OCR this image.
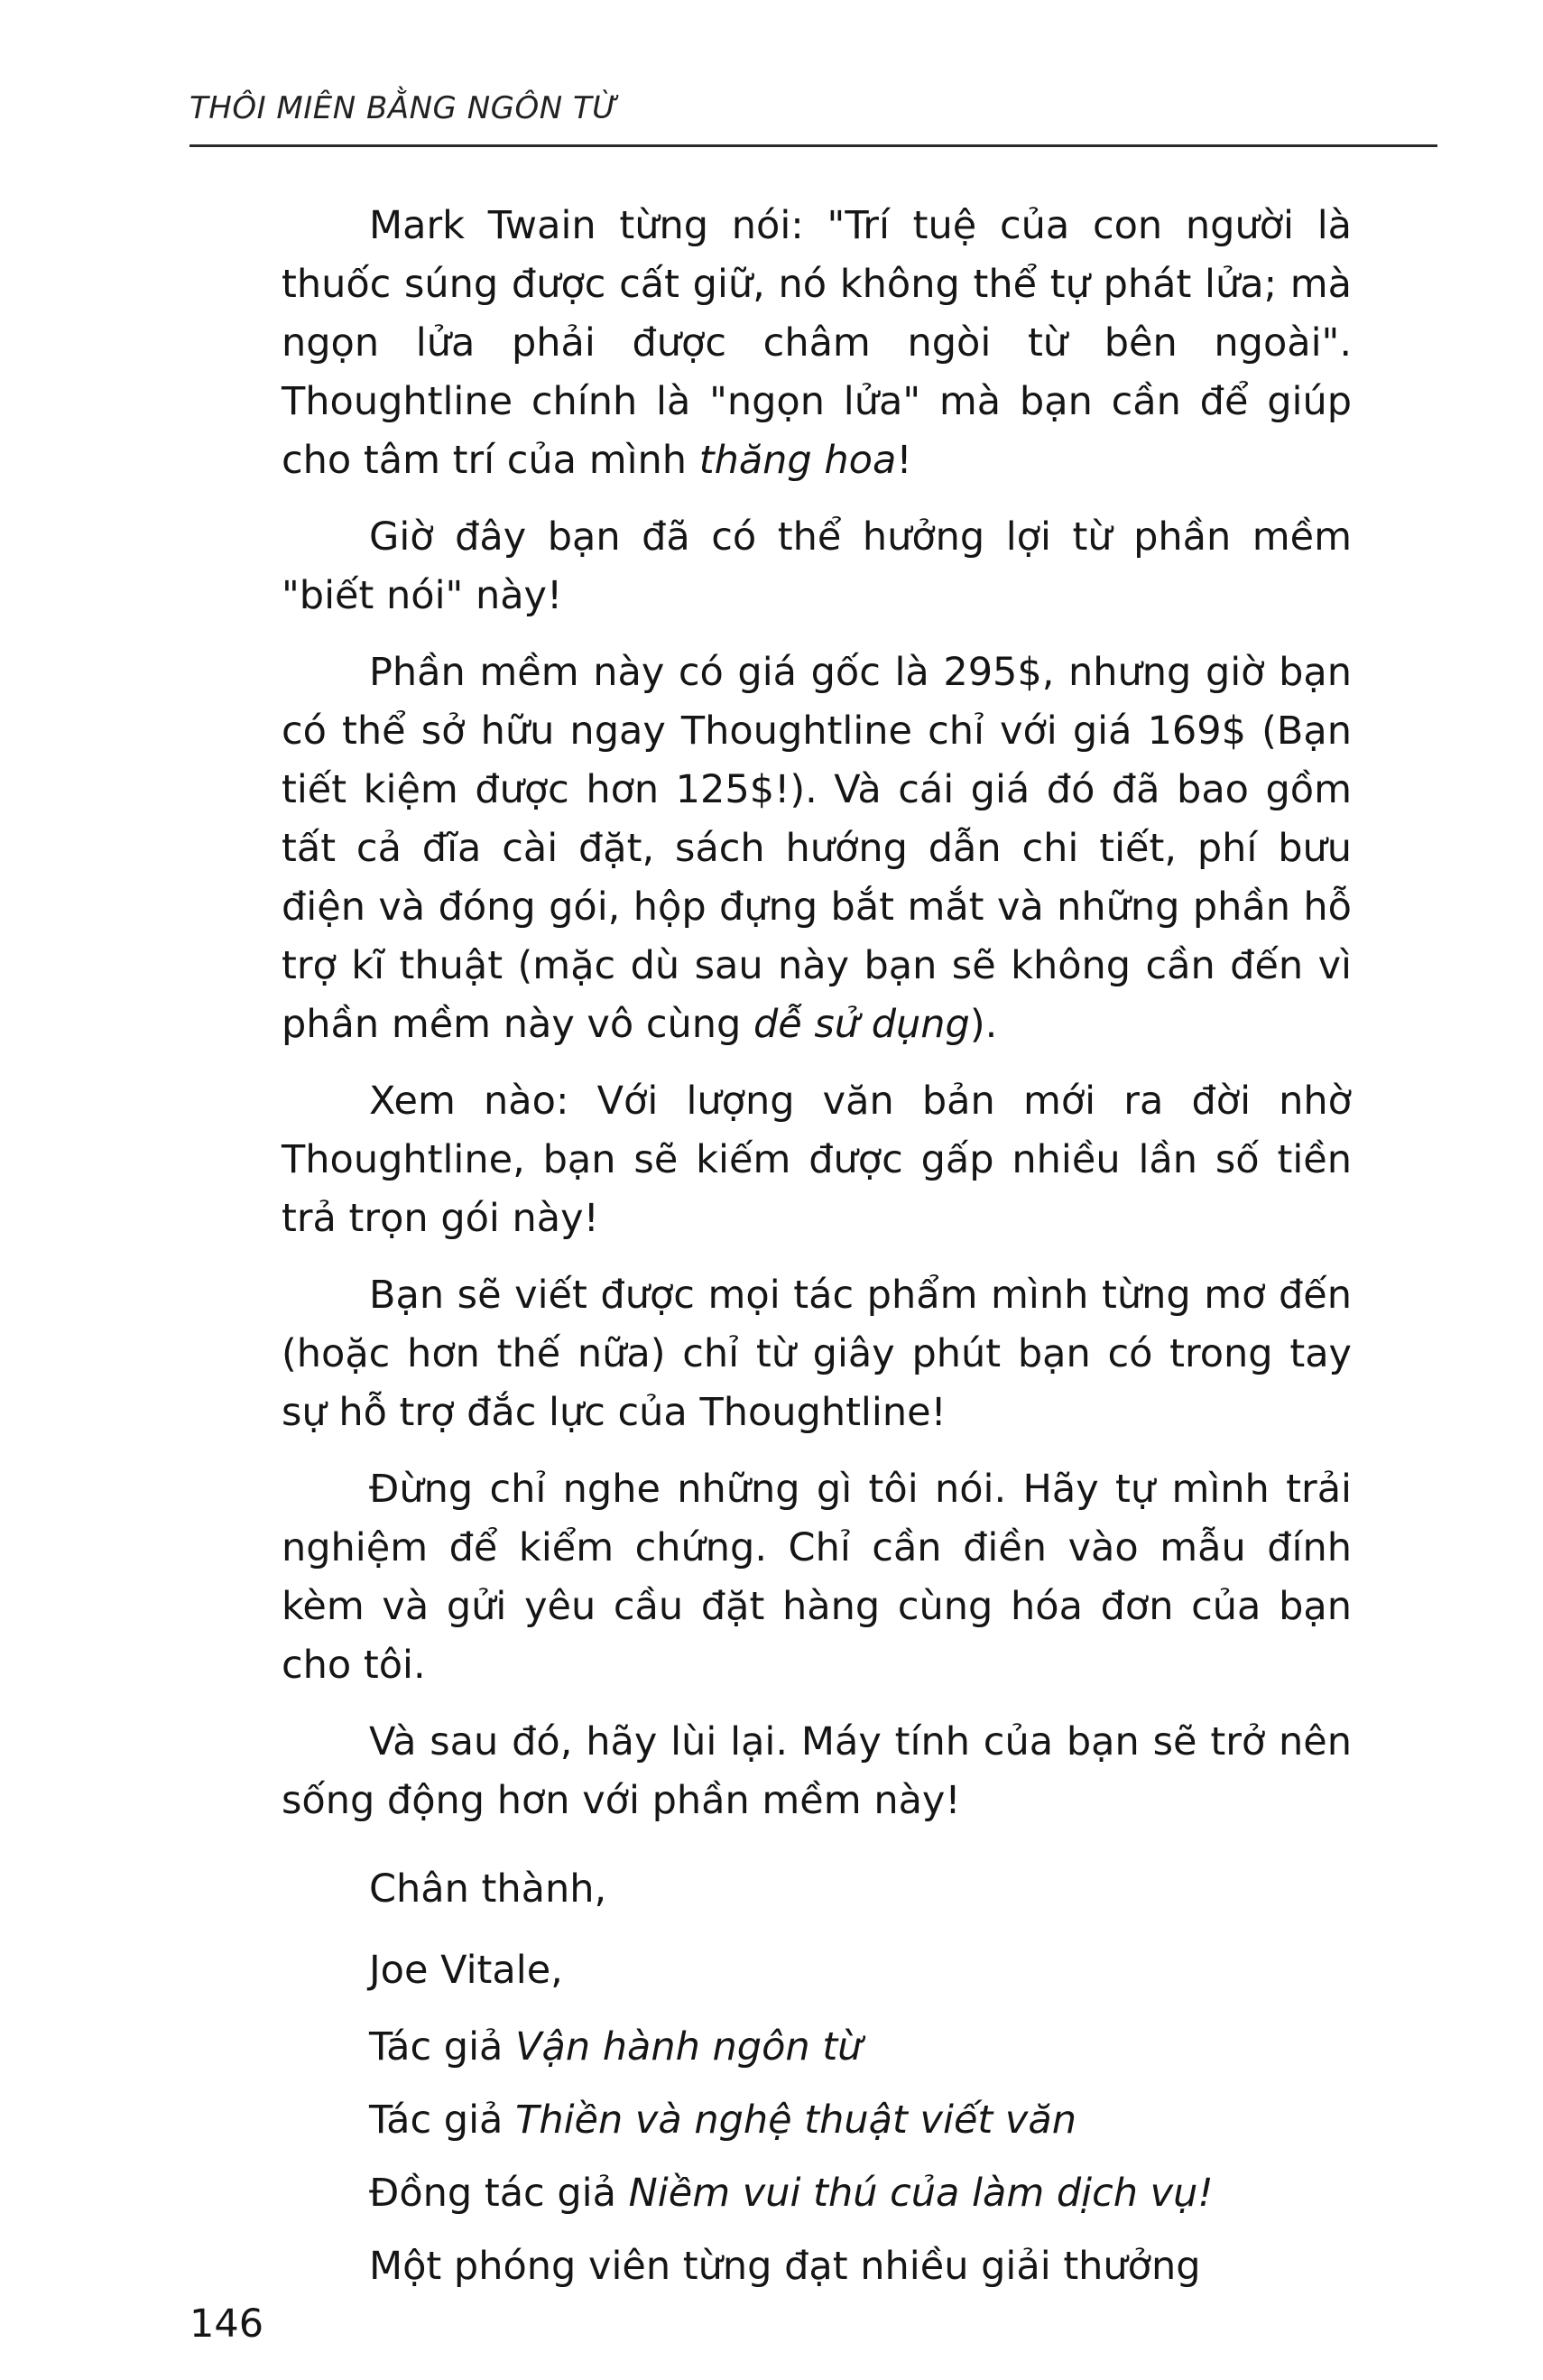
THÔI MIÊN BẰNG NGÔN TỪ

Mark Twain từng nói: "Trí tuệ của con người là thuốc súng được cất giữ, nó không thể tự phát lửa; mà ngọn lửa phải được châm ngòi từ bên ngoài". Thoughtline chính là "ngọn lửa" mà bạn cần để giúp cho tâm trí của mình thăng hoa!

Giờ đây bạn đã có thể hưởng lợi từ phần mềm "biết nói" này!

Phần mềm này có giá gốc là 295$, nhưng giờ bạn có thể sở hữu ngay Thoughtline chỉ với giá 169$ (Bạn tiết kiệm được hơn 125$!). Và cái giá đó đã bao gồm tất cả đĩa cài đặt, sách hướng dẫn chi tiết, phí bưu điện và đóng gói, hộp đựng bắt mắt và những phần hỗ trợ kĩ thuật (mặc dù sau này bạn sẽ không cần đến vì phần mềm này vô cùng dễ sử dụng).

Xem nào: Với lượng văn bản mới ra đời nhờ Thoughtline, bạn sẽ kiếm được gấp nhiều lần số tiền trả trọn gói này!

Bạn sẽ viết được mọi tác phẩm mình từng mơ đến (hoặc hơn thế nữa) chỉ từ giây phút bạn có trong tay sự hỗ trợ đắc lực của Thoughtline!

Đừng chỉ nghe những gì tôi nói. Hãy tự mình trải nghiệm để kiểm chứng. Chỉ cần điền vào mẫu đính kèm và gửi yêu cầu đặt hàng cùng hóa đơn của bạn cho tôi.

Và sau đó, hãy lùi lại. Máy tính của bạn sẽ trở nên sống động hơn với phần mềm này!

Chân thành,
Joe Vitale,
Tác giả Vận hành ngôn từ
Tác giả Thiền và nghệ thuật viết văn
Đồng tác giả Niềm vui thú của làm dịch vụ!
Một phóng viên từng đạt nhiều giải thưởng
146
